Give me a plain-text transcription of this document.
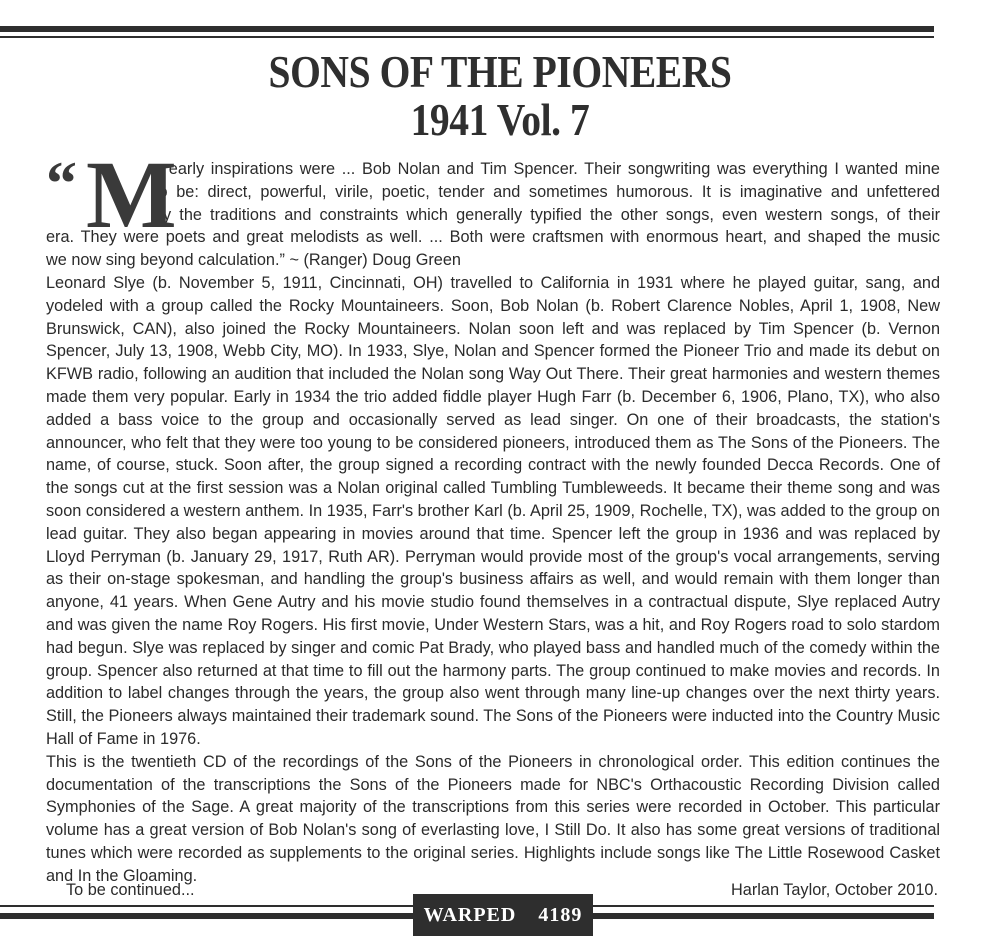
SONS OF THE PIONEERS
1941 Vol. 7
“ M
y early inspirations were ... Bob Nolan and Tim Spencer. Their songwriting was everything I wanted mine
to be: direct, powerful, virile, poetic, tender and sometimes humorous. It is imaginative and unfettered
by the traditions and constraints which generally typified the other songs, even western songs, of their
era. They were poets and great melodists as well. ... Both were craftsmen with enormous heart, and shaped the music
we now sing beyond calculation.” ~ (Ranger) Doug Green

Leonard Slye (b. November 5, 1911, Cincinnati, OH) travelled to California in 1931 where he played guitar, sang, and yodeled with a group called the Rocky Mountaineers. Soon, Bob Nolan (b. Robert Clarence Nobles, April 1, 1908, New Brunswick, CAN), also joined the Rocky Mountaineers. Nolan soon left and was replaced by Tim Spencer (b. Vernon Spencer, July 13, 1908, Webb City, MO). In 1933, Slye, Nolan and Spencer formed the Pioneer Trio and made its debut on KFWB radio, following an audition that included the Nolan song Way Out There. Their great harmonies and western themes made them very popular. Early in 1934 the trio added fiddle player Hugh Farr (b. December 6, 1906, Plano, TX), who also added a bass voice to the group and occasionally served as lead singer. On one of their broadcasts, the station's announcer, who felt that they were too young to be considered pioneers, introduced them as The Sons of the Pioneers. The name, of course, stuck. Soon after, the group signed a recording contract with the newly founded Decca Records. One of the songs cut at the first session was a Nolan original called Tumbling Tumbleweeds. It became their theme song and was soon considered a western anthem. In 1935, Farr's brother Karl (b. April 25, 1909, Rochelle, TX), was added to the group on lead guitar. They also began appearing in movies around that time. Spencer left the group in 1936 and was replaced by Lloyd Perryman (b. January 29, 1917, Ruth AR). Perryman would provide most of the group's vocal arrangements, serving as their on-stage spokesman, and handling the group's business affairs as well, and would remain with them longer than anyone, 41 years. When Gene Autry and his movie studio found themselves in a contractual dispute, Slye replaced Autry and was given the name Roy Rogers. His first movie, Under Western Stars, was a hit, and Roy Rogers road to solo stardom had begun. Slye was replaced by singer and comic Pat Brady, who played bass and handled much of the comedy within the group. Spencer also returned at that time to fill out the harmony parts. The group continued to make movies and records. In addition to label changes through the years, the group also went through many line-up changes over the next thirty years. Still, the Pioneers always maintained their trademark sound. The Sons of the Pioneers were inducted into the Country Music Hall of Fame in 1976.

This is the twentieth CD of the recordings of the Sons of the Pioneers in chronological order. This edition continues the documentation of the transcriptions the Sons of the Pioneers made for NBC's Orthacoustic Recording Division called Symphonies of the Sage. A great majority of the transcriptions from this series were recorded in October. This particular volume has a great version of Bob Nolan's song of everlasting love, I Still Do. It also has some great versions of traditional tunes which were recorded as supplements to the original series. Highlights include songs like The Little Rosewood Casket and In the Gloaming.

To be continued...	Harlan Taylor, October 2010.
WARPED 4189
